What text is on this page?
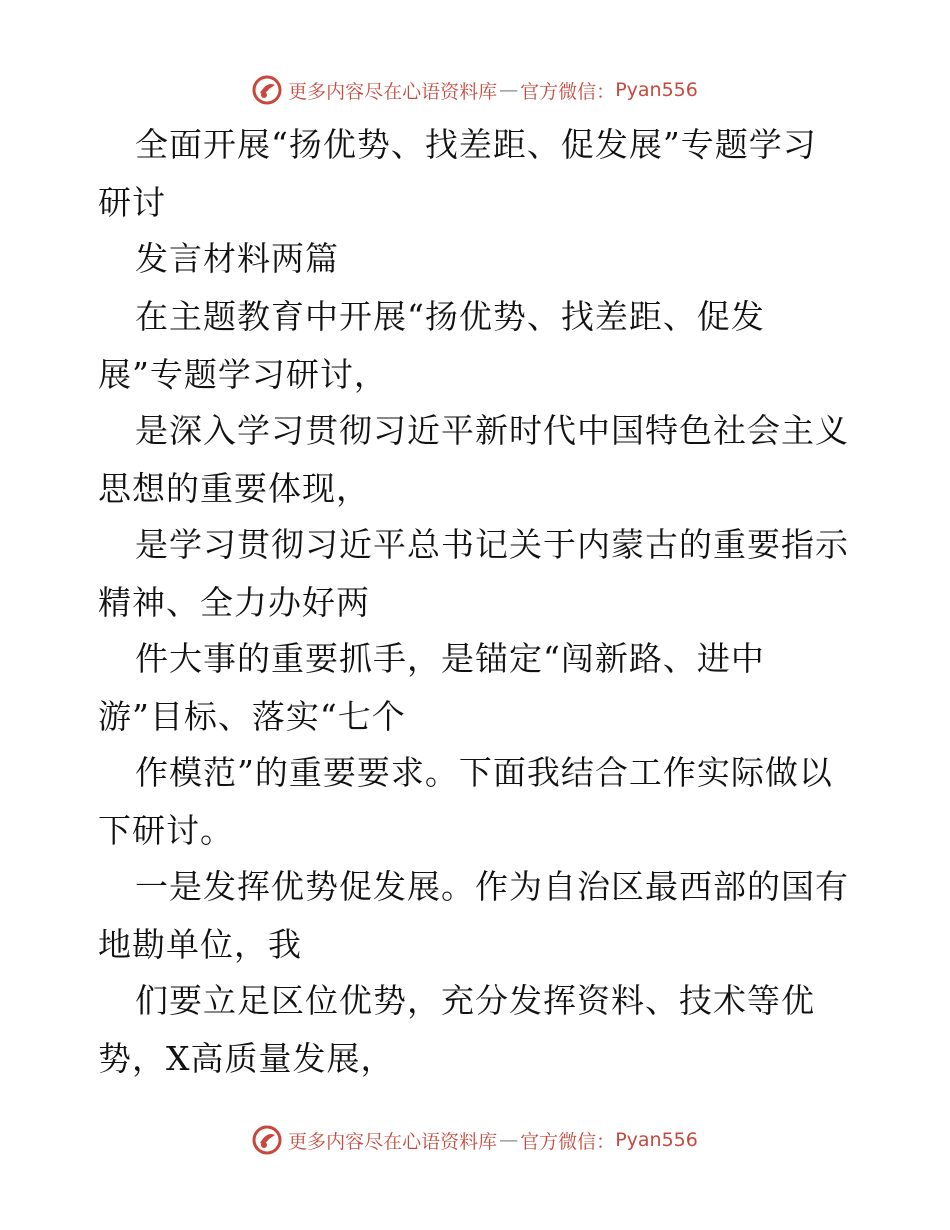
更多内容尽在心语资料库 — 官方微信： Pyan556
全面开展“扬优势、找差距、促发展”专题学习
研讨
发言材料两篇
在主题教育中开展“扬优势、找差距、促发
展”专题学习研讨，
是深入学习贯彻习近平新时代中国特色社会主义
思想的重要体现，
是学习贯彻习近平总书记关于内蒙古的重要指示
精神、全力办好两
件大事的重要抓手，是锚定“闯新路、进中
游”目标、落实“七个
作模范”的重要要求。下面我结合工作实际做以
下研讨。
一是发挥优势促发展。作为自治区最西部的国有
地勘单位，我
们要立足区位优势，充分发挥资料、技术等优
势，X高质量发展，
更多内容尽在心语资料库 — 官方微信： Pyan556
